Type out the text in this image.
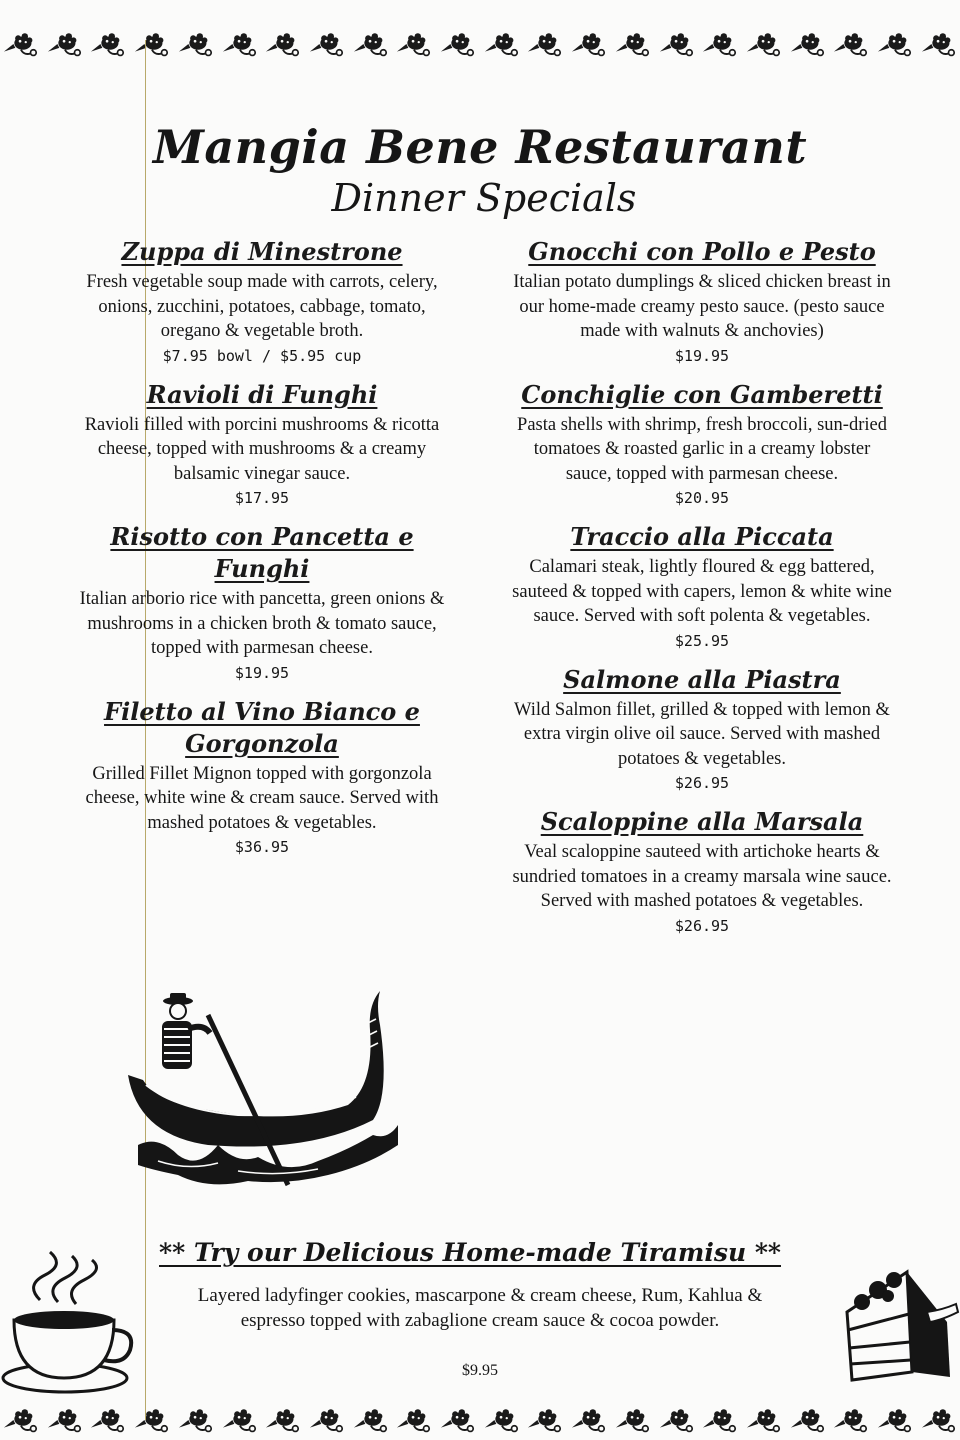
Mangia Bene Restaurant
Dinner Specials
Zuppa di Minestrone
Fresh vegetable soup made with carrots, celery, onions, zucchini, potatoes, cabbage, tomato, oregano & vegetable broth.
$7.95 bowl / $5.95 cup
Ravioli di Funghi
Ravioli filled with porcini mushrooms & ricotta cheese, topped with mushrooms & a creamy balsamic vinegar sauce.
$17.95
Risotto con Pancetta e Funghi
Italian arborio rice with pancetta, green onions & mushrooms in a chicken broth & tomato sauce, topped with parmesan cheese.
$19.95
Filetto al Vino Bianco e Gorgonzola
Grilled Fillet Mignon topped with gorgonzola cheese, white wine & cream sauce. Served with mashed potatoes & vegetables.
$36.95
Gnocchi con Pollo e Pesto
Italian potato dumplings & sliced chicken breast in our home-made creamy pesto sauce. (pesto sauce made with walnuts & anchovies)
$19.95
Conchiglie con Gamberetti
Pasta shells with shrimp, fresh broccoli, sun-dried tomatoes & roasted garlic in a creamy lobster sauce, topped with parmesan cheese.
$20.95
Traccio alla Piccata
Calamari steak, lightly floured & egg battered, sauteed & topped with capers, lemon & white wine sauce. Served with soft polenta & vegetables.
$25.95
Salmone alla Piastra
Wild Salmon fillet, grilled & topped with lemon & extra virgin olive oil sauce. Served with mashed potatoes & vegetables.
$26.95
Scaloppine alla Marsala
Veal scaloppine sauteed with artichoke hearts & sundried tomatoes in a creamy marsala wine sauce. Served with mashed potatoes & vegetables.
$26.95
** Try our Delicious Home-made Tiramisu **
Layered ladyfinger cookies, mascarpone & cream cheese, Rum, Kahlua & espresso topped with zabaglione cream sauce & cocoa powder.
$9.95
